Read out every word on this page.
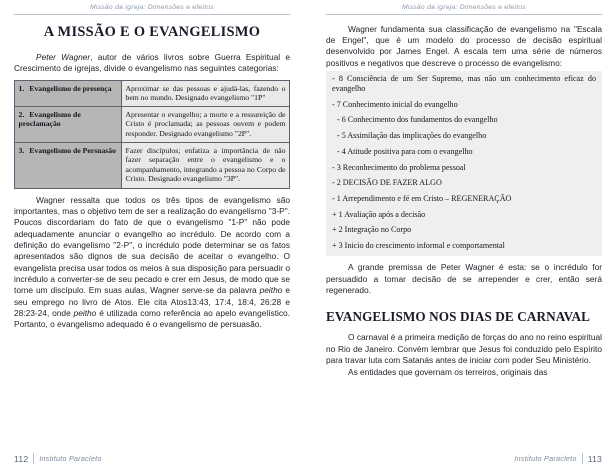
Missão da igreja: Dimensões e efeitos
A MISSÃO E O EVANGELISMO

Peter Wagner, autor de vários livros sobre Guerra Espiritual e Crescimento de igrejas, divide o evangelismo nas seguintes categorias:

1. Evangelismo de presença	Aproximar se das pessoas e ajudá-las, fazendo o bem no mundo. Designado evangelismo "1P"
2. Evangelismo de proclamação	Apresentar o evangelho; a morte e a ressureição de Cristo é proclamada; as pessoas ouvem e podem responder. Designado evangelismo "2P".
3. Evangelismo de Persuasão	Fazer discípulos; enfatiza a importância de não fazer separação entre o evangelismo e o acompanhamento, integrando a pessoa no Corpo de Cristo. Designado evangelismo "3P".

Wagner ressalta que todos os três tipos de evangelismo são importantes, mas o objetivo tem de ser a realização do evangelismo "3-P". Poucos discordariam do fato de que o evangelismo "1-P" não pode adequadamente anunciar o evangelho ao incrédulo. De acordo com a definição do evangelismo "2-P", o incrédulo pode determinar se os fatos apresentados são dignos de sua decisão de aceitar o evangelho. O evangelista precisa usar todos os meios à sua disposição para persuadir o incrédulo a converter-se de seu pecado e crer em Jesus, de modo que se torne um discípulo. Em suas aulas, Wagner serve-se da palavra peitho e seu emprego no livro de Atos. Ele cita Atos13:43, 17:4, 18:4, 26:28 e 28:23-24, onde peitho é utilizada como referência ao apelo evangelístico. Portanto, o evangelismo adequado é o evangelismo de persuasão.

112 Instituto Paracleto
Missão da igreja: Dimensões e efeitos

Wagner fundamenta sua classificação de evangelismo na "Escala de Engel", que é um modelo do processo de decisão espiritual desenvolvido por James Engel. A escala tem uma série de números positivos e negativos que descreve o processo de evangelismo:

- 8 Consciência de um Ser Supremo, mas não um conhecimento eficaz do evangelho

- 7 Conhecimento inicial do evangelho

- 6 Conhecimento dos fundamentos do evangelho

- 5 Assimilação das implicações do evangelho

- 4 Atitude positiva para com o evangelho

- 3 Reconhecimento do problema pessoal

- 2 DECISÃO DE FAZER ALGO

- 1 Arrependimento e fé em Cristo – REGENERAÇÃO

+ 1 Avaliação após a decisão

+ 2 Integração no Corpo

+ 3 Inicio do crescimento informal e comportamental

A grande premissa de Peter Wagner é esta: se o incrédulo for persuadido a tomar decisão de se arrepender e crer, então será regenerado.

EVANGELISMO NOS DIAS DE CARNAVAL

O carnaval é a primeira medição de forças do ano no reino espiritual no Rio de Janeiro. Convém lembrar que Jesus foi conduzido pelo Espírito para travar luta com Satanás antes de iniciar com poder Seu Ministério.

As entidades que governam os terreiros, originais das

Instituto Paracleto 113
